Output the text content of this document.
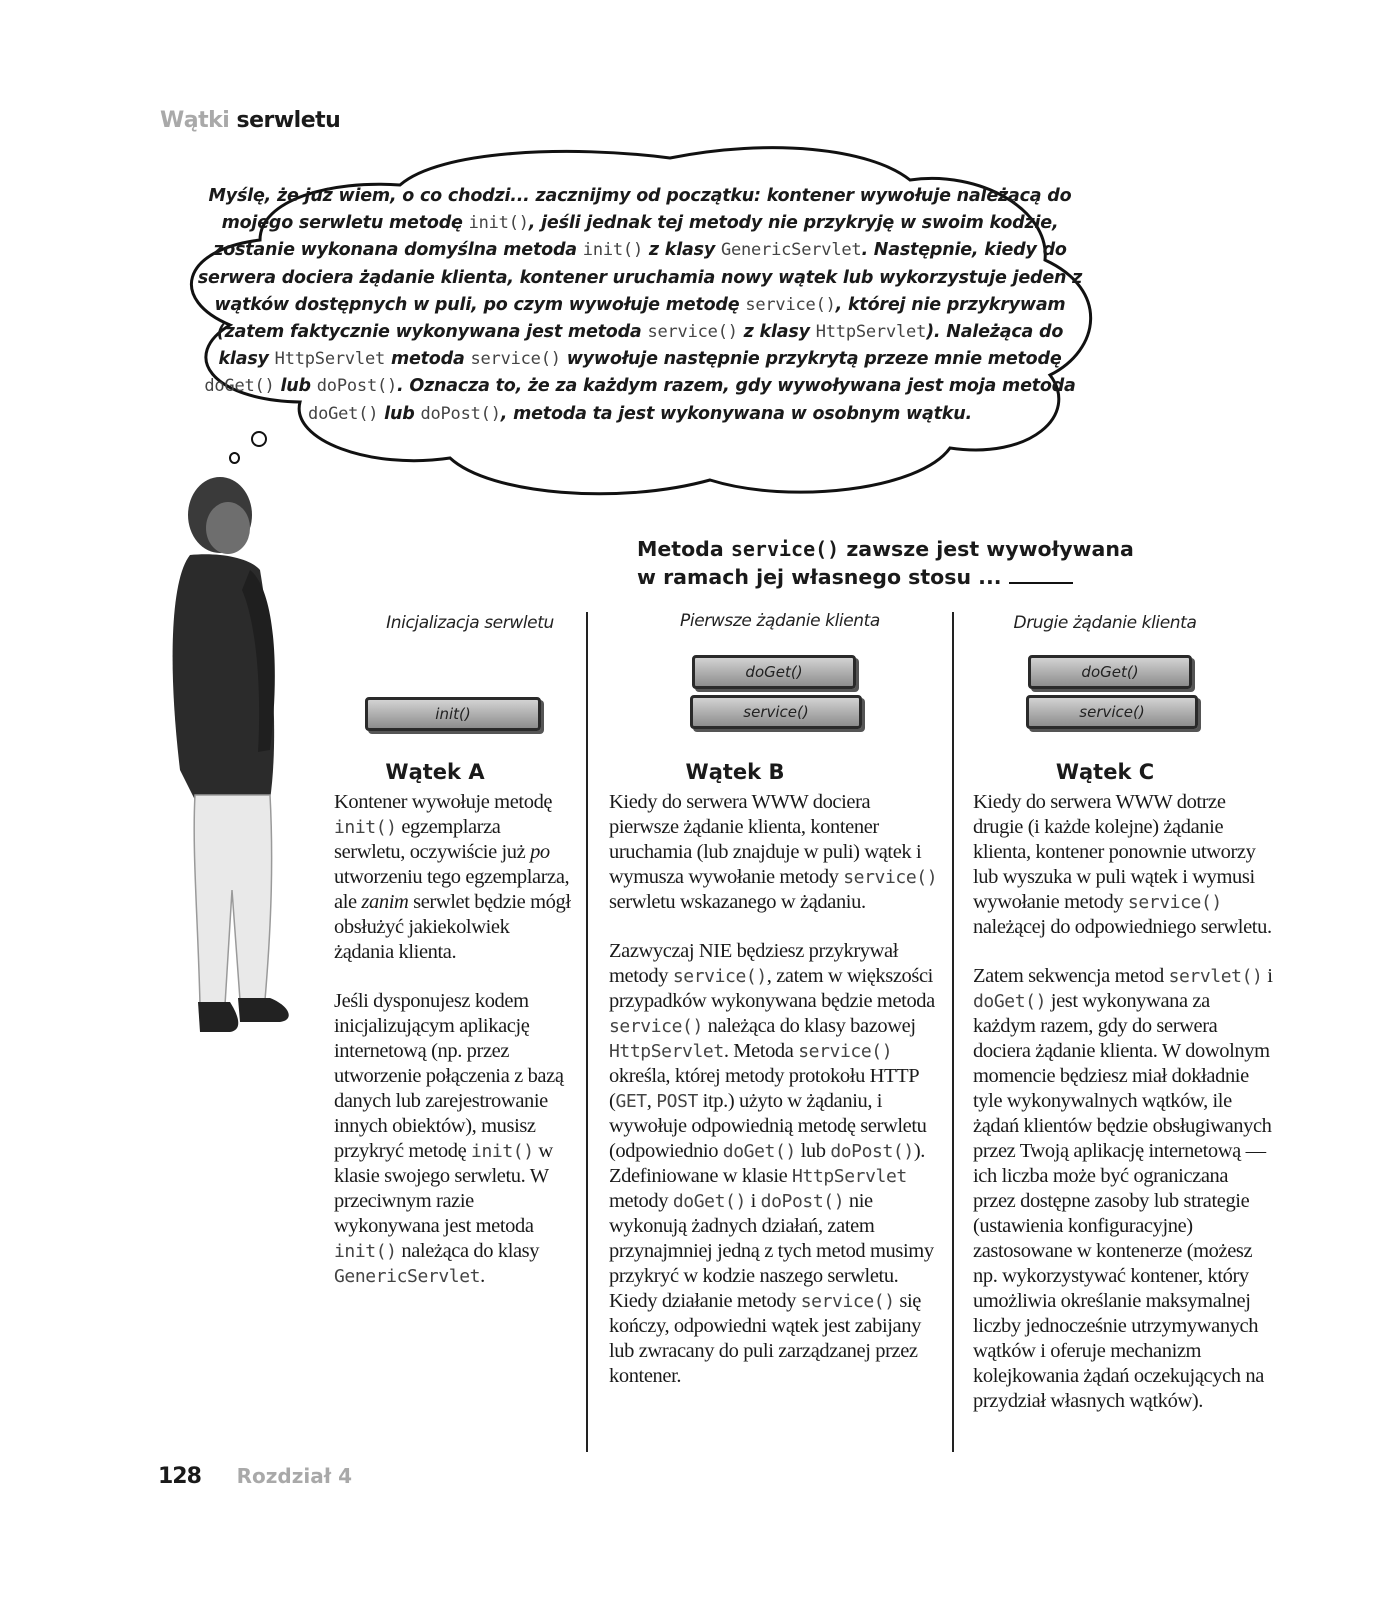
Wątki serwletu
Myślę, że już wiem, o co chodzi... zacznijmy od początku: kontener wywołuje należącą do mojego serwletu metodę init(), jeśli jednak tej metody nie przykryję w swoim kodzie, zostanie wykonana domyślna metoda init() z klasy GenericServlet. Następnie, kiedy do serwera dociera żądanie klienta, kontener uruchamia nowy wątek lub wykorzystuje jeden z wątków dostępnych w puli, po czym wywołuje metodę service(), której nie przykrywam (zatem faktycznie wykonywana jest metoda service() z klasy HttpServlet). Należąca do klasy HttpServlet metoda service() wywołuje następnie przykrytą przeze mnie metodę doGet() lub doPost(). Oznacza to, że za każdym razem, gdy wywoływana jest moja metoda doGet() lub doPost(), metoda ta jest wykonywana w osobnym wątku.
Metoda service() zawsze jest wywoływana
w ramach jej własnego stosu ...
Inicjalizacja serwletu	Pierwsze żądanie klienta	Drugie żądanie klienta
init()
doGet()
service()
doGet()
service()
Wątek A	Wątek B	Wątek C

Kontener wywołuje metodę init() egzemplarza serwletu, oczywiście już po utworzeniu tego egzemplarza, ale zanim serwlet będzie mógł obsłużyć jakiekolwiek żądania klienta.

Jeśli dysponujesz kodem inicjalizującym aplikację internetową (np. przez utworzenie połączenia z bazą danych lub zarejestrowanie innych obiektów), musisz przykryć metodę init() w klasie swojego serwletu. W przeciwnym razie wykonywana jest metoda init() należąca do klasy GenericServlet.

Kiedy do serwera WWW dociera pierwsze żądanie klienta, kontener uruchamia (lub znajduje w puli) wątek i wymusza wywołanie metody service() serwletu wskazanego w żądaniu.

Zazwyczaj NIE będziesz przykrywał metody service(), zatem w większości przypadków wykonywana będzie metoda service() należąca do klasy bazowej HttpServlet. Metoda service() określa, której metody protokołu HTTP (GET, POST itp.) użyto w żądaniu, i wywołuje odpowiednią metodę serwletu (odpowiednio doGet() lub doPost()). Zdefiniowane w klasie HttpServlet metody doGet() i doPost() nie wykonują żadnych działań, zatem przynajmniej jedną z tych metod musimy przykryć w kodzie naszego serwletu. Kiedy działanie metody service() się kończy, odpowiedni wątek jest zabijany lub zwracany do puli zarządzanej przez kontener.

Kiedy do serwera WWW dotrze drugie (i każde kolejne) żądanie klienta, kontener ponownie utworzy lub wyszuka w puli wątek i wymusi wywołanie metody service() należącej do odpowiedniego serwletu.

Zatem sekwencja metod servlet() i doGet() jest wykonywana za każdym razem, gdy do serwera dociera żądanie klienta. W dowolnym momencie będziesz miał dokładnie tyle wykonywalnych wątków, ile żądań klientów będzie obsługiwanych przez Twoją aplikację internetową — ich liczba może być ograniczana przez dostępne zasoby lub strategie (ustawienia konfiguracyjne) zastosowane w kontenerze (możesz np. wykorzystywać kontener, który umożliwia określanie maksymalnej liczby jednocześnie utrzymywanych wątków i oferuje mechanizm kolejkowania żądań oczekujących na przydział własnych wątków).

128 Rozdział 4
